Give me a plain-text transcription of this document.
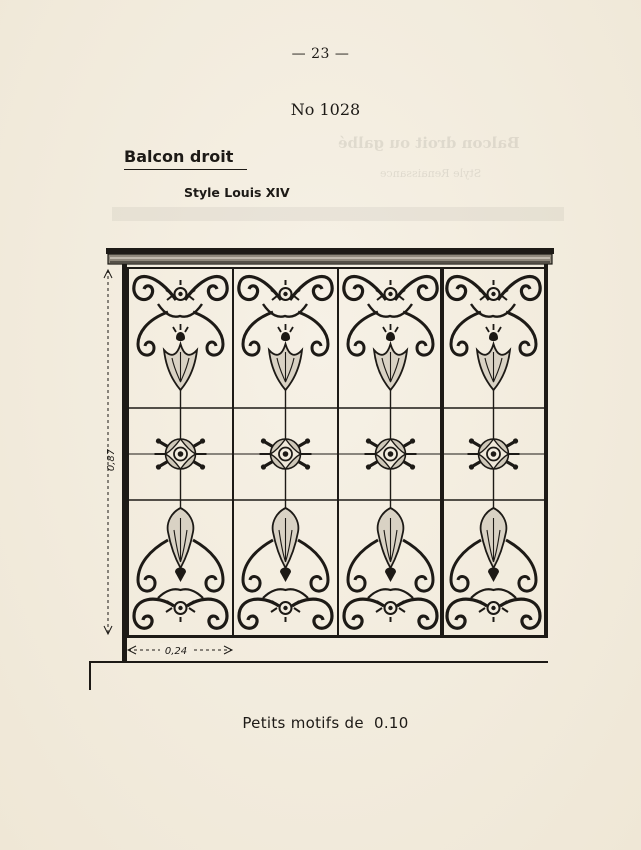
— 23 —
No 1028
Balcon droit ou galbé
Style Renaissance
Balcon droit
Style Louis XIV
0,87
0,24
Petits motifs de  0.10
